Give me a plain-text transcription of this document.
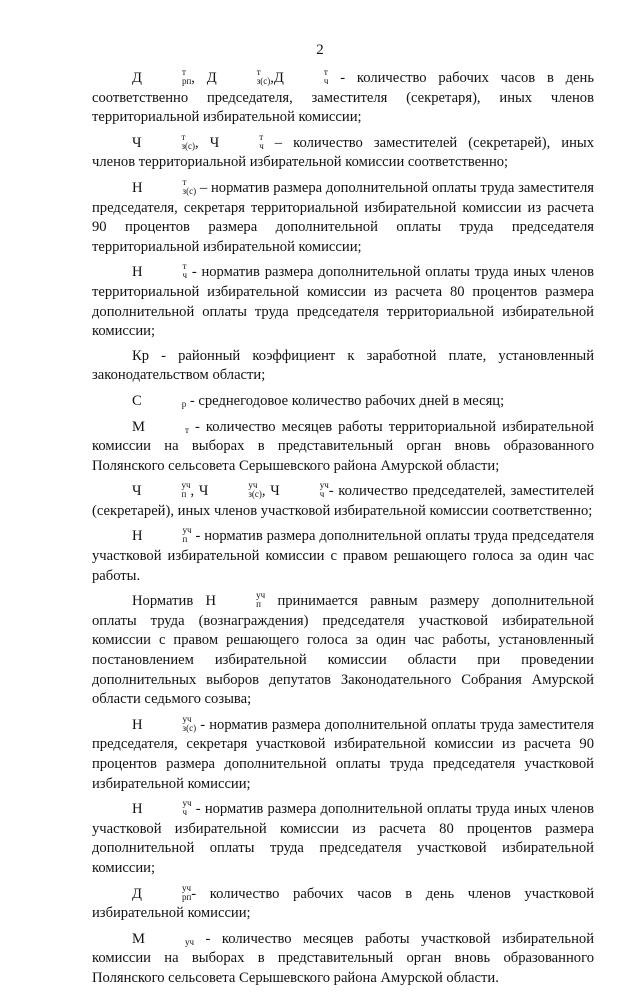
2

Д	т
рп , Д	т
з(с) ,Д	т
ч - количество рабочих часов в день соответственно председателя, заместителя (секретаря), иных членов территориальной избирательной комиссии;

Ч	т
з(с) , Ч	т
ч – количество заместителей (секретарей), иных членов территориальной избирательной комиссии соответственно;

Н	т
з(с) – норматив размера дополнительной оплаты труда заместителя председателя, секретаря территориальной избирательной комиссии из расчета 90 процентов размера дополнительной оплаты труда председателя территориальной избирательной комиссии;

Н	т
ч - норматив размера дополнительной оплаты труда иных членов территориальной избирательной комиссии из расчета 80 процентов размера дополнительной оплаты труда председателя территориальной избирательной комиссии;

Кр - районный коэффициент к заработной плате, установленный законодательством области;

С
	р - среднегодовое количество рабочих дней в месяц;

М
	т - количество месяцев работы территориальной избирательной комиссии на выборах в представительный орган вновь образованного Полянского сельсовета Серышевского района Амурской области;

Ч	уч
п , Ч	уч
з(с) , Ч	уч
ч - количество председателей, заместителей (секретарей), иных членов участковой избирательной комиссии соответственно;

Н	уч
п - норматив размера дополнительной оплаты труда председателя участковой избирательной комиссии с правом решающего голоса за один час работы.

Норматив Н	уч
п принимается равным размеру дополнительной оплаты труда (вознаграждения) председателя участковой избирательной комиссии с правом решающего голоса за один час работы, установленный постановлением избирательной комиссии области при проведении дополнительных выборов депутатов Законодательного Собрания Амурской области седьмого созыва;

Н	уч
з(с) - норматив размера дополнительной оплаты труда заместителя председателя, секретаря участковой избирательной комиссии из расчета 90 процентов размера дополнительной оплаты труда председателя участковой избирательной комиссии;

Н	уч
ч - норматив размера дополнительной оплаты труда иных членов участковой избирательной комиссии из расчета 80 процентов размера дополнительной оплаты труда председателя участковой избирательной комиссии;

Д	уч
рп - количество рабочих часов в день членов участковой избирательной комиссии;

М
	уч - количество месяцев работы участковой избирательной комиссии на выборах в представительный орган вновь образованного Полянского сельсовета Серышевского района Амурской области.
